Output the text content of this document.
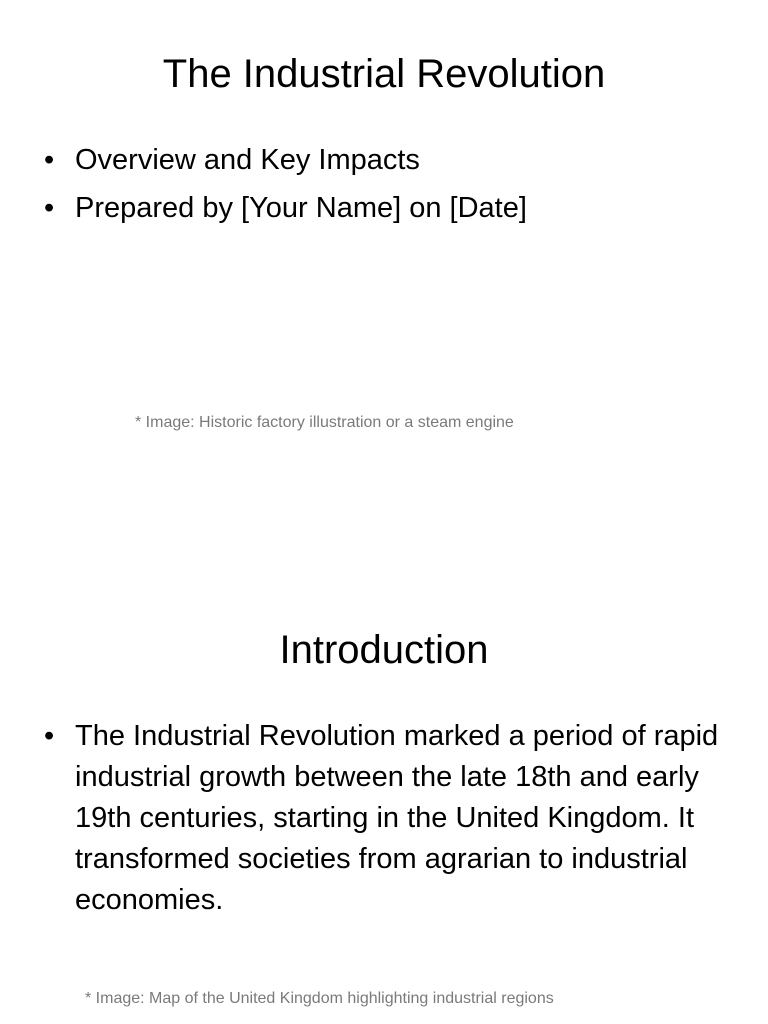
The Industrial Revolution
• Overview and Key Impacts
• Prepared by [Your Name] on [Date]
* Image: Historic factory illustration or a steam engine
Introduction
• The Industrial Revolution marked a period of rapid industrial growth between the late 18th and early 19th centuries, starting in the United Kingdom. It transformed societies from agrarian to industrial economies.
* Image: Map of the United Kingdom highlighting industrial regions
